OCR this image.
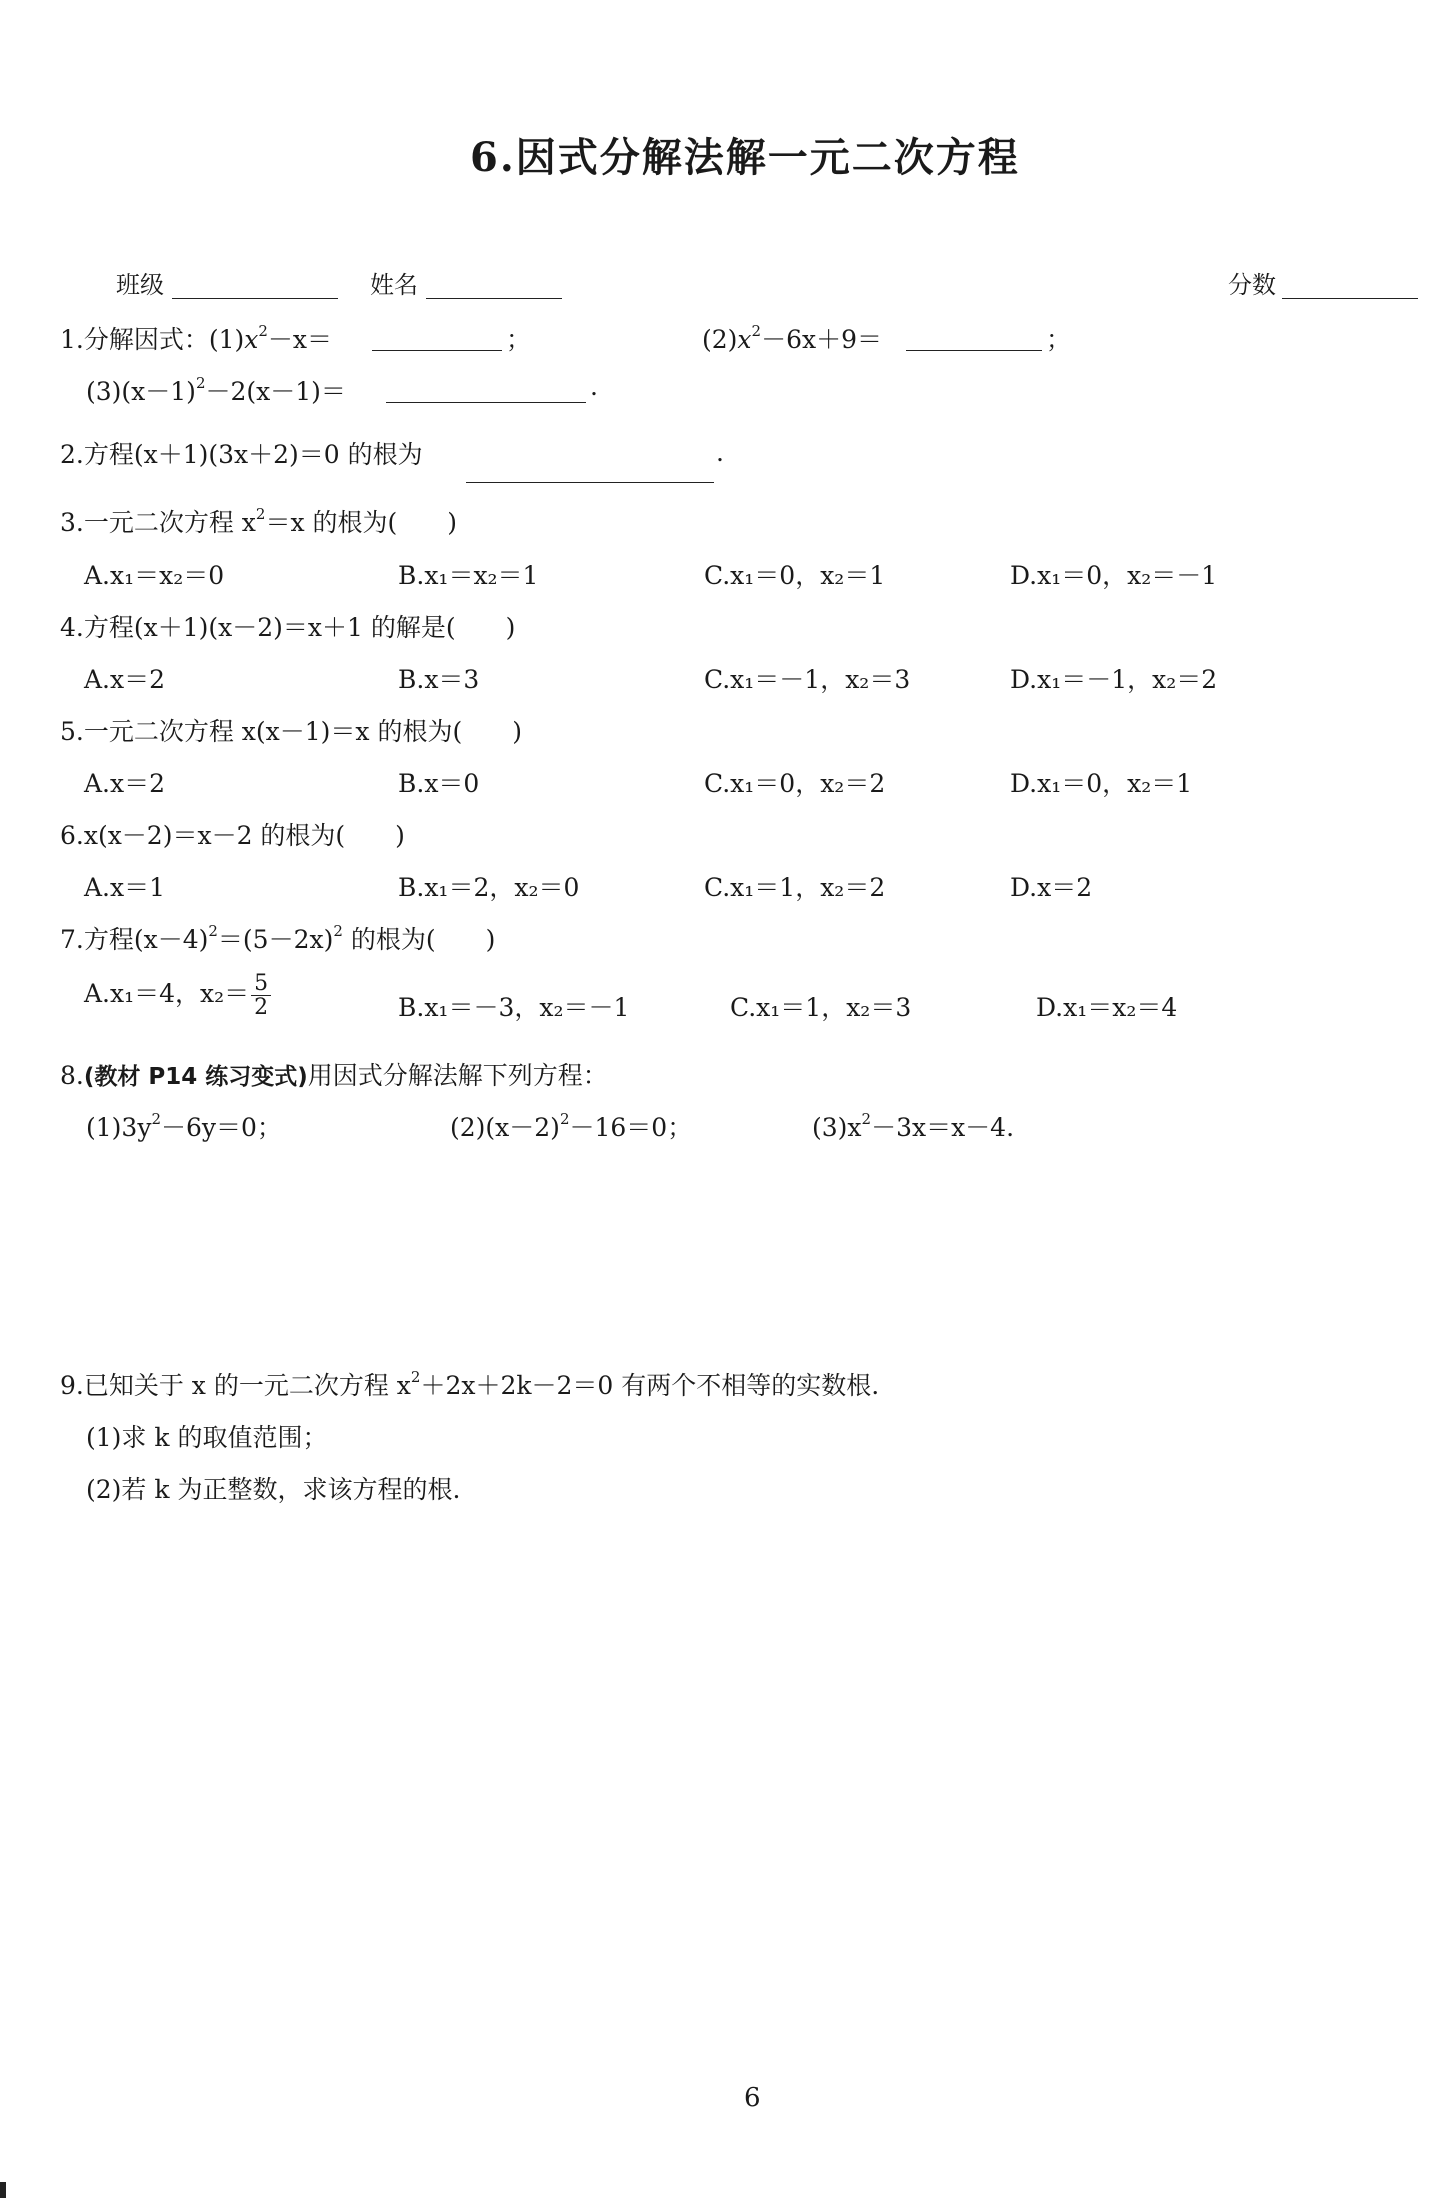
6.因式分解法解一元二次方程
班级	姓名	分数
1.分解因式：$(1)x^2-x=$	；	$(2)x^2-6x+9=$	；
$(3)(x-1)^2-2(x-1)=$	.
2.方程(x＋1)(3x＋2)＝0 的根为	.
3.一元二次方程 $x^2=x$ 的根为(　　)
A.x₁＝x₂＝0	B.x₁＝x₂＝1	C.x₁＝0，x₂＝1	D.x₁＝0，x₂＝－1
4.方程(x＋1)(x－2)＝x＋1 的解是(　　)
A.x＝2	B.x＝3	C.x₁＝－1，x₂＝3	D.x₁＝－1，x₂＝2
5.一元二次方程 x(x－1)＝x 的根为(　　)
A.x＝2	B.x＝0	C.x₁＝0，x₂＝2	D.x₁＝0，x₂＝1
6.x(x－2)＝x－2 的根为(　　)
A.x＝1	B.x₁＝2，x₂＝0	C.x₁＝1，x₂＝2	D.x＝2
7.方程$(x-4)^2=(5-2x)^2$ 的根为(　　)
A.x₁＝4，$x_2= \frac{5}{2}$	B.x₁＝－3，x₂＝－1	C.x₁＝1，x₂＝3	D.x₁＝x₂＝4
8.(教材 P14 练习变式)用因式分解法解下列方程：
$(1)3y^2-6y=0$；	$(2)(x-2)^2-16=0$；	$(3)x^2-3x=x-4$.
9.已知关于 x 的一元二次方程 $x^2+2x+2k-2=0$ 有两个不相等的实数根.
(1)求 k 的取值范围；
(2)若 k 为正整数，求该方程的根.
6
